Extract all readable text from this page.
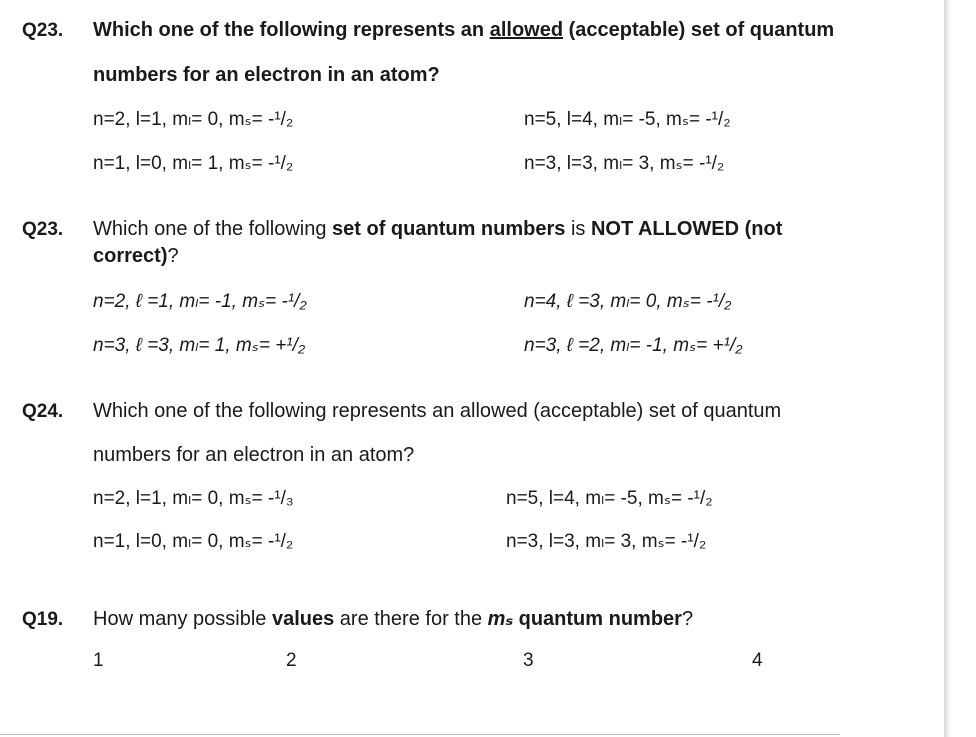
Q23. Which one of the following represents an allowed (acceptable) set of quantum
numbers for an electron in an atom?
n=2, l=1, mₗ= 0, mₛ= -¹/₂	n=5, l=4, mₗ= -5, mₛ= -¹/₂
n=1, l=0, mₗ= 1, mₛ= -¹/₂	n=3, l=3, mₗ= 3, mₛ= -¹/₂
Q23. Which one of the following set of quantum numbers is NOT ALLOWED (not correct)?
n=2, ℓ =1, mₗ= -1, mₛ= -¹/₂	n=4, ℓ =3, mₗ= 0, mₛ= -¹/₂
n=3, ℓ =3, mₗ= 1, mₛ= +¹/₂	n=3, ℓ =2, mₗ= -1, mₛ= +¹/₂
Q24. Which one of the following represents an allowed (acceptable) set of quantum
numbers for an electron in an atom?
n=2, l=1, mₗ= 0, mₛ= -¹/₃	n=5, l=4, mₗ= -5, mₛ= -¹/₂
n=1, l=0, mₗ= 0, mₛ= -¹/₂	n=3, l=3, mₗ= 3, mₛ= -¹/₂
Q19. How many possible values are there for the mₛ quantum number?
1	2	3	4
